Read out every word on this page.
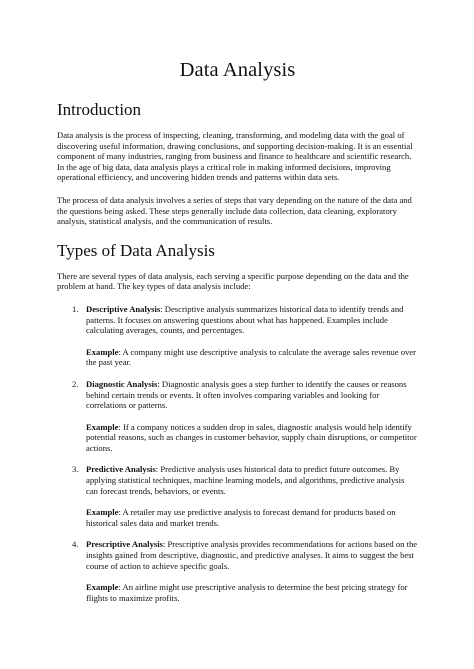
Data Analysis
Introduction

Data analysis is the process of inspecting, cleaning, transforming, and modeling data with the goal of discovering useful information, drawing conclusions, and supporting decision-making. It is an essential component of many industries, ranging from business and finance to healthcare and scientific research. In the age of big data, data analysis plays a critical role in making informed decisions, improving operational efficiency, and uncovering hidden trends and patterns within data sets.

The process of data analysis involves a series of steps that vary depending on the nature of the data and the questions being asked. These steps generally include data collection, data cleaning, exploratory analysis, statistical analysis, and the communication of results.

Types of Data Analysis

There are several types of data analysis, each serving a specific purpose depending on the data and the problem at hand. The key types of data analysis include:

1. Descriptive Analysis: Descriptive analysis summarizes historical data to identify trends and patterns. It focuses on answering questions about what has happened. Examples include calculating averages, counts, and percentages.

Example: A company might use descriptive analysis to calculate the average sales revenue over the past year.

2. Diagnostic Analysis: Diagnostic analysis goes a step further to identify the causes or reasons behind certain trends or events. It often involves comparing variables and looking for correlations or patterns.

Example: If a company notices a sudden drop in sales, diagnostic analysis would help identify potential reasons, such as changes in customer behavior, supply chain disruptions, or competitor actions.

3. Predictive Analysis: Predictive analysis uses historical data to predict future outcomes. By applying statistical techniques, machine learning models, and algorithms, predictive analysis can forecast trends, behaviors, or events.

Example: A retailer may use predictive analysis to forecast demand for products based on historical sales data and market trends.

4. Prescriptive Analysis: Prescriptive analysis provides recommendations for actions based on the insights gained from descriptive, diagnostic, and predictive analyses. It aims to suggest the best course of action to achieve specific goals.

Example: An airline might use prescriptive analysis to determine the best pricing strategy for flights to maximize profits.
